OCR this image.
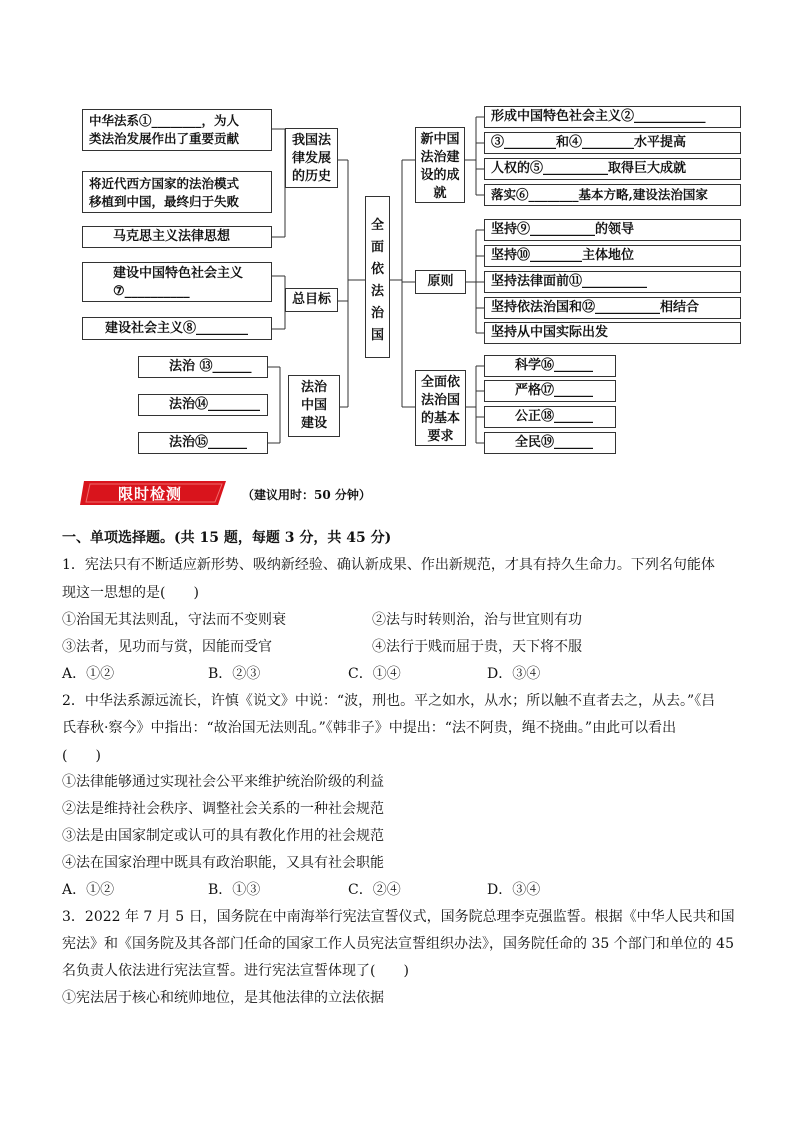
中华法系①________，为人
类法治发展作出了重要贡献
将近代西方国家的法治模式
移植到中国，最终归于失败
马克思主义法律思想
我国法
律发展
的历史
建设中国特色社会主义
⑦__________
建设社会主义⑧________
总目标
法治 ⑬______
法治⑭________
法治⑮______
法治
中国
建设
全
面
依
法
治
国
新中国
法治建
设的成
就
形成中国特色社会主义②___________
③________和④________水平提高
人权的⑤__________取得巨大成就
落实⑥________基本方略,建设法治国家
原则
坚持⑨__________的领导
坚持⑩________主体地位
坚持法律面前⑪__________
坚持依法治国和⑫__________相结合
坚持从中国实际出发
全面依
法治国
的基本
要求
科学⑯______
严格⑰______
公正⑱______
全民⑲______
限时检测	（建议用时：50 分钟）
一、单项选择题。(共 15 题，每题 3 分，共 45 分)
1．宪法只有不断适应新形势、吸纳新经验、确认新成果、作出新规范，才具有持久生命力。下列名句能体
现这一思想的是(　　)
①治国无其法则乱，守法而不变则衰	②法与时转则治，治与世宜则有功
③法者，见功而与赏，因能而受官	④法行于贱而屈于贵，天下将不服
A．①②	B．②③	C．①④	D．③④
2．中华法系源远流长，许慎《说文》中说：“波，刑也。平之如水，从水；所以触不直者去之，从去。”《吕
氏春秋·察今》中指出：“故治国无法则乱。”《韩非子》中提出：“法不阿贵，绳不挠曲。”由此可以看出
(　　)
①法律能够通过实现社会公平来维护统治阶级的利益
②法是维持社会秩序、调整社会关系的一种社会规范
③法是由国家制定或认可的具有教化作用的社会规范
④法在国家治理中既具有政治职能，又具有社会职能
A．①②	B．①③	C．②④	D．③④
3．2022 年 7 月 5 日，国务院在中南海举行宪法宣誓仪式，国务院总理李克强监誓。根据《中华人民共和国
宪法》和《国务院及其各部门任命的国家工作人员宪法宣誓组织办法》，国务院任命的 35 个部门和单位的 45
名负责人依法进行宪法宣誓。进行宪法宣誓体现了(　　)
①宪法居于核心和统帅地位，是其他法律的立法依据
